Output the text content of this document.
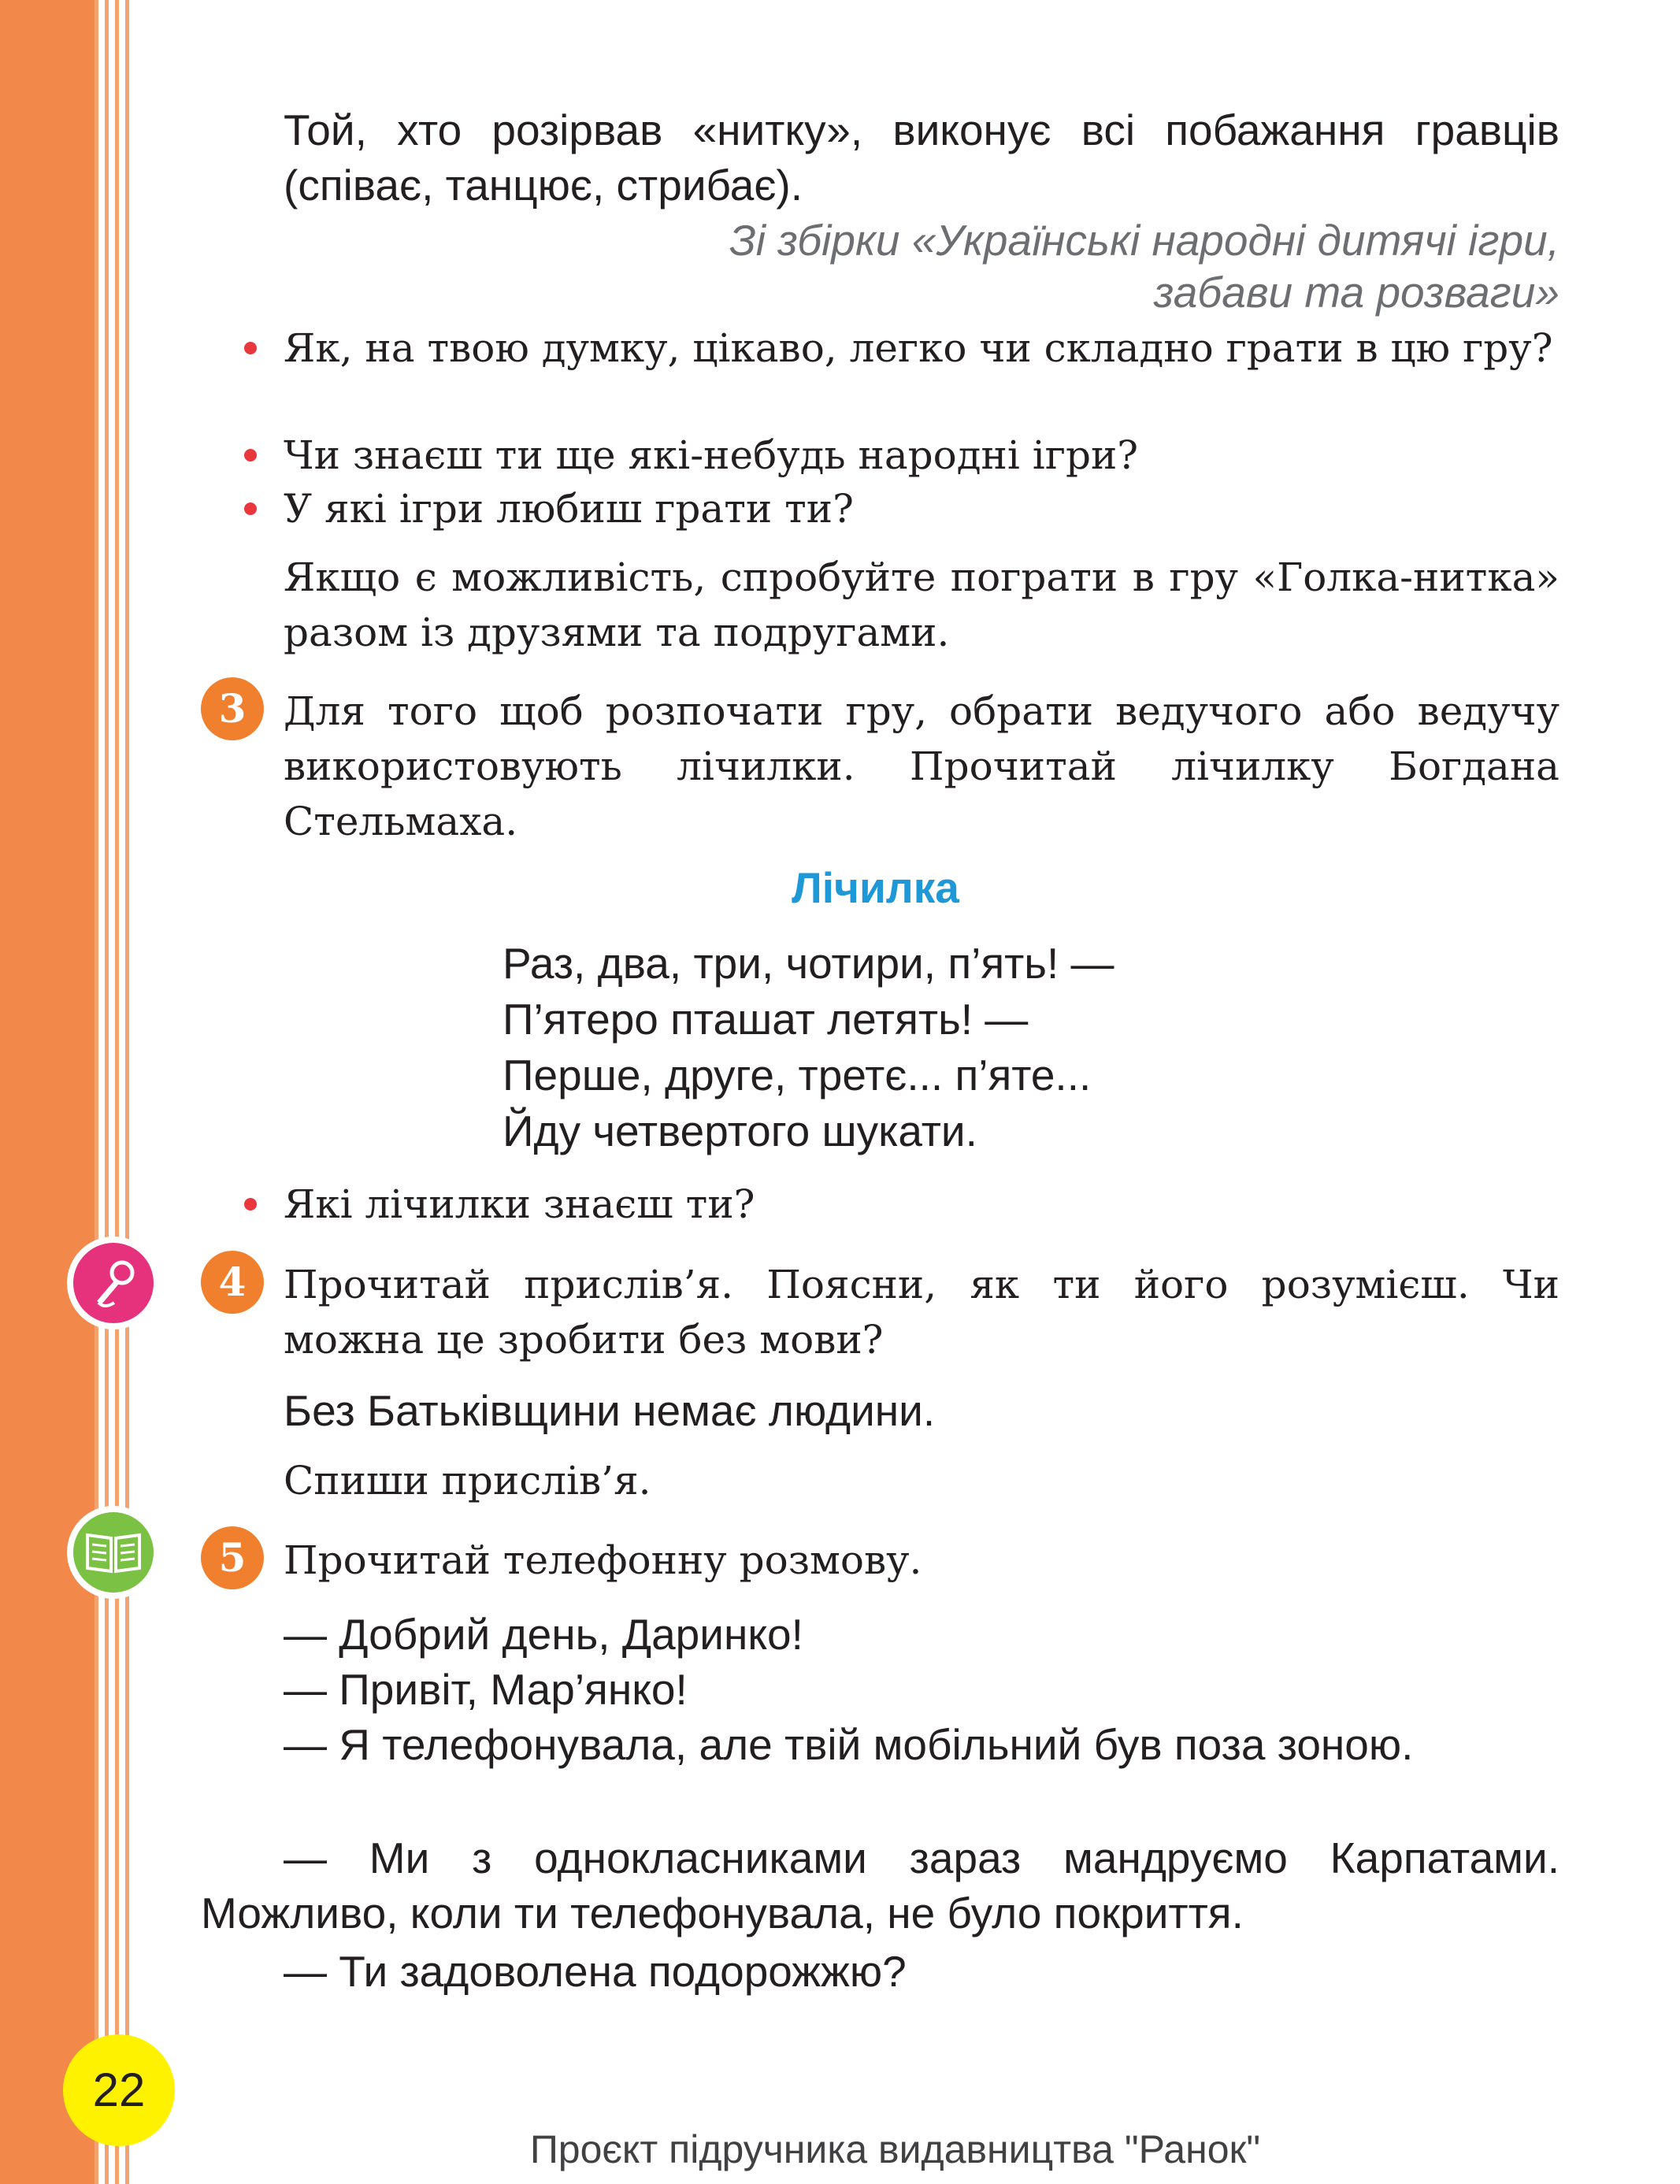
Той, хто розірвав «нитку», виконує всі побажання гравців (співає, танцює, стрибає).
Зі збірки «Українські народні дитячі ігри,
забави та розваги»
Як, на твою думку, цікаво, легко чи складно грати в цю гру?
Чи знаєш ти ще які-небудь народні ігри?
У які ігри любиш грати ти?
Якщо є можливість, спробуйте пограти в гру «Голка-нитка» разом із друзями та подругами.
3 Для того щоб розпочати гру, обрати ведучого або ведучу використовують лічилки. Прочитай лічилку Богдана Стельмаха.
Лічилка
Раз, два, три, чотири, п’ять! —
П’ятеро пташат летять! —
Перше, друге, третє... п’яте...
Йду четвертого шукати.
Які лічилки знаєш ти?
4 Прочитай прислів’я. Поясни, як ти його розумієш. Чи можна це зробити без мови?
Без Батьківщини немає людини.
Спиши прислів’я.
5 Прочитай телефонну розмову.
— Добрий день, Даринко!
— Привіт, Мар’янко!
— Я телефонувала, але твій мобільний був поза зоною.
— Ми з однокласниками зараз мандруємо Карпатами. Можливо, коли ти телефонувала, не було покриття.
— Ти задоволена подорожжю?
22
Проєкт підручника видавництва "Ранок"
